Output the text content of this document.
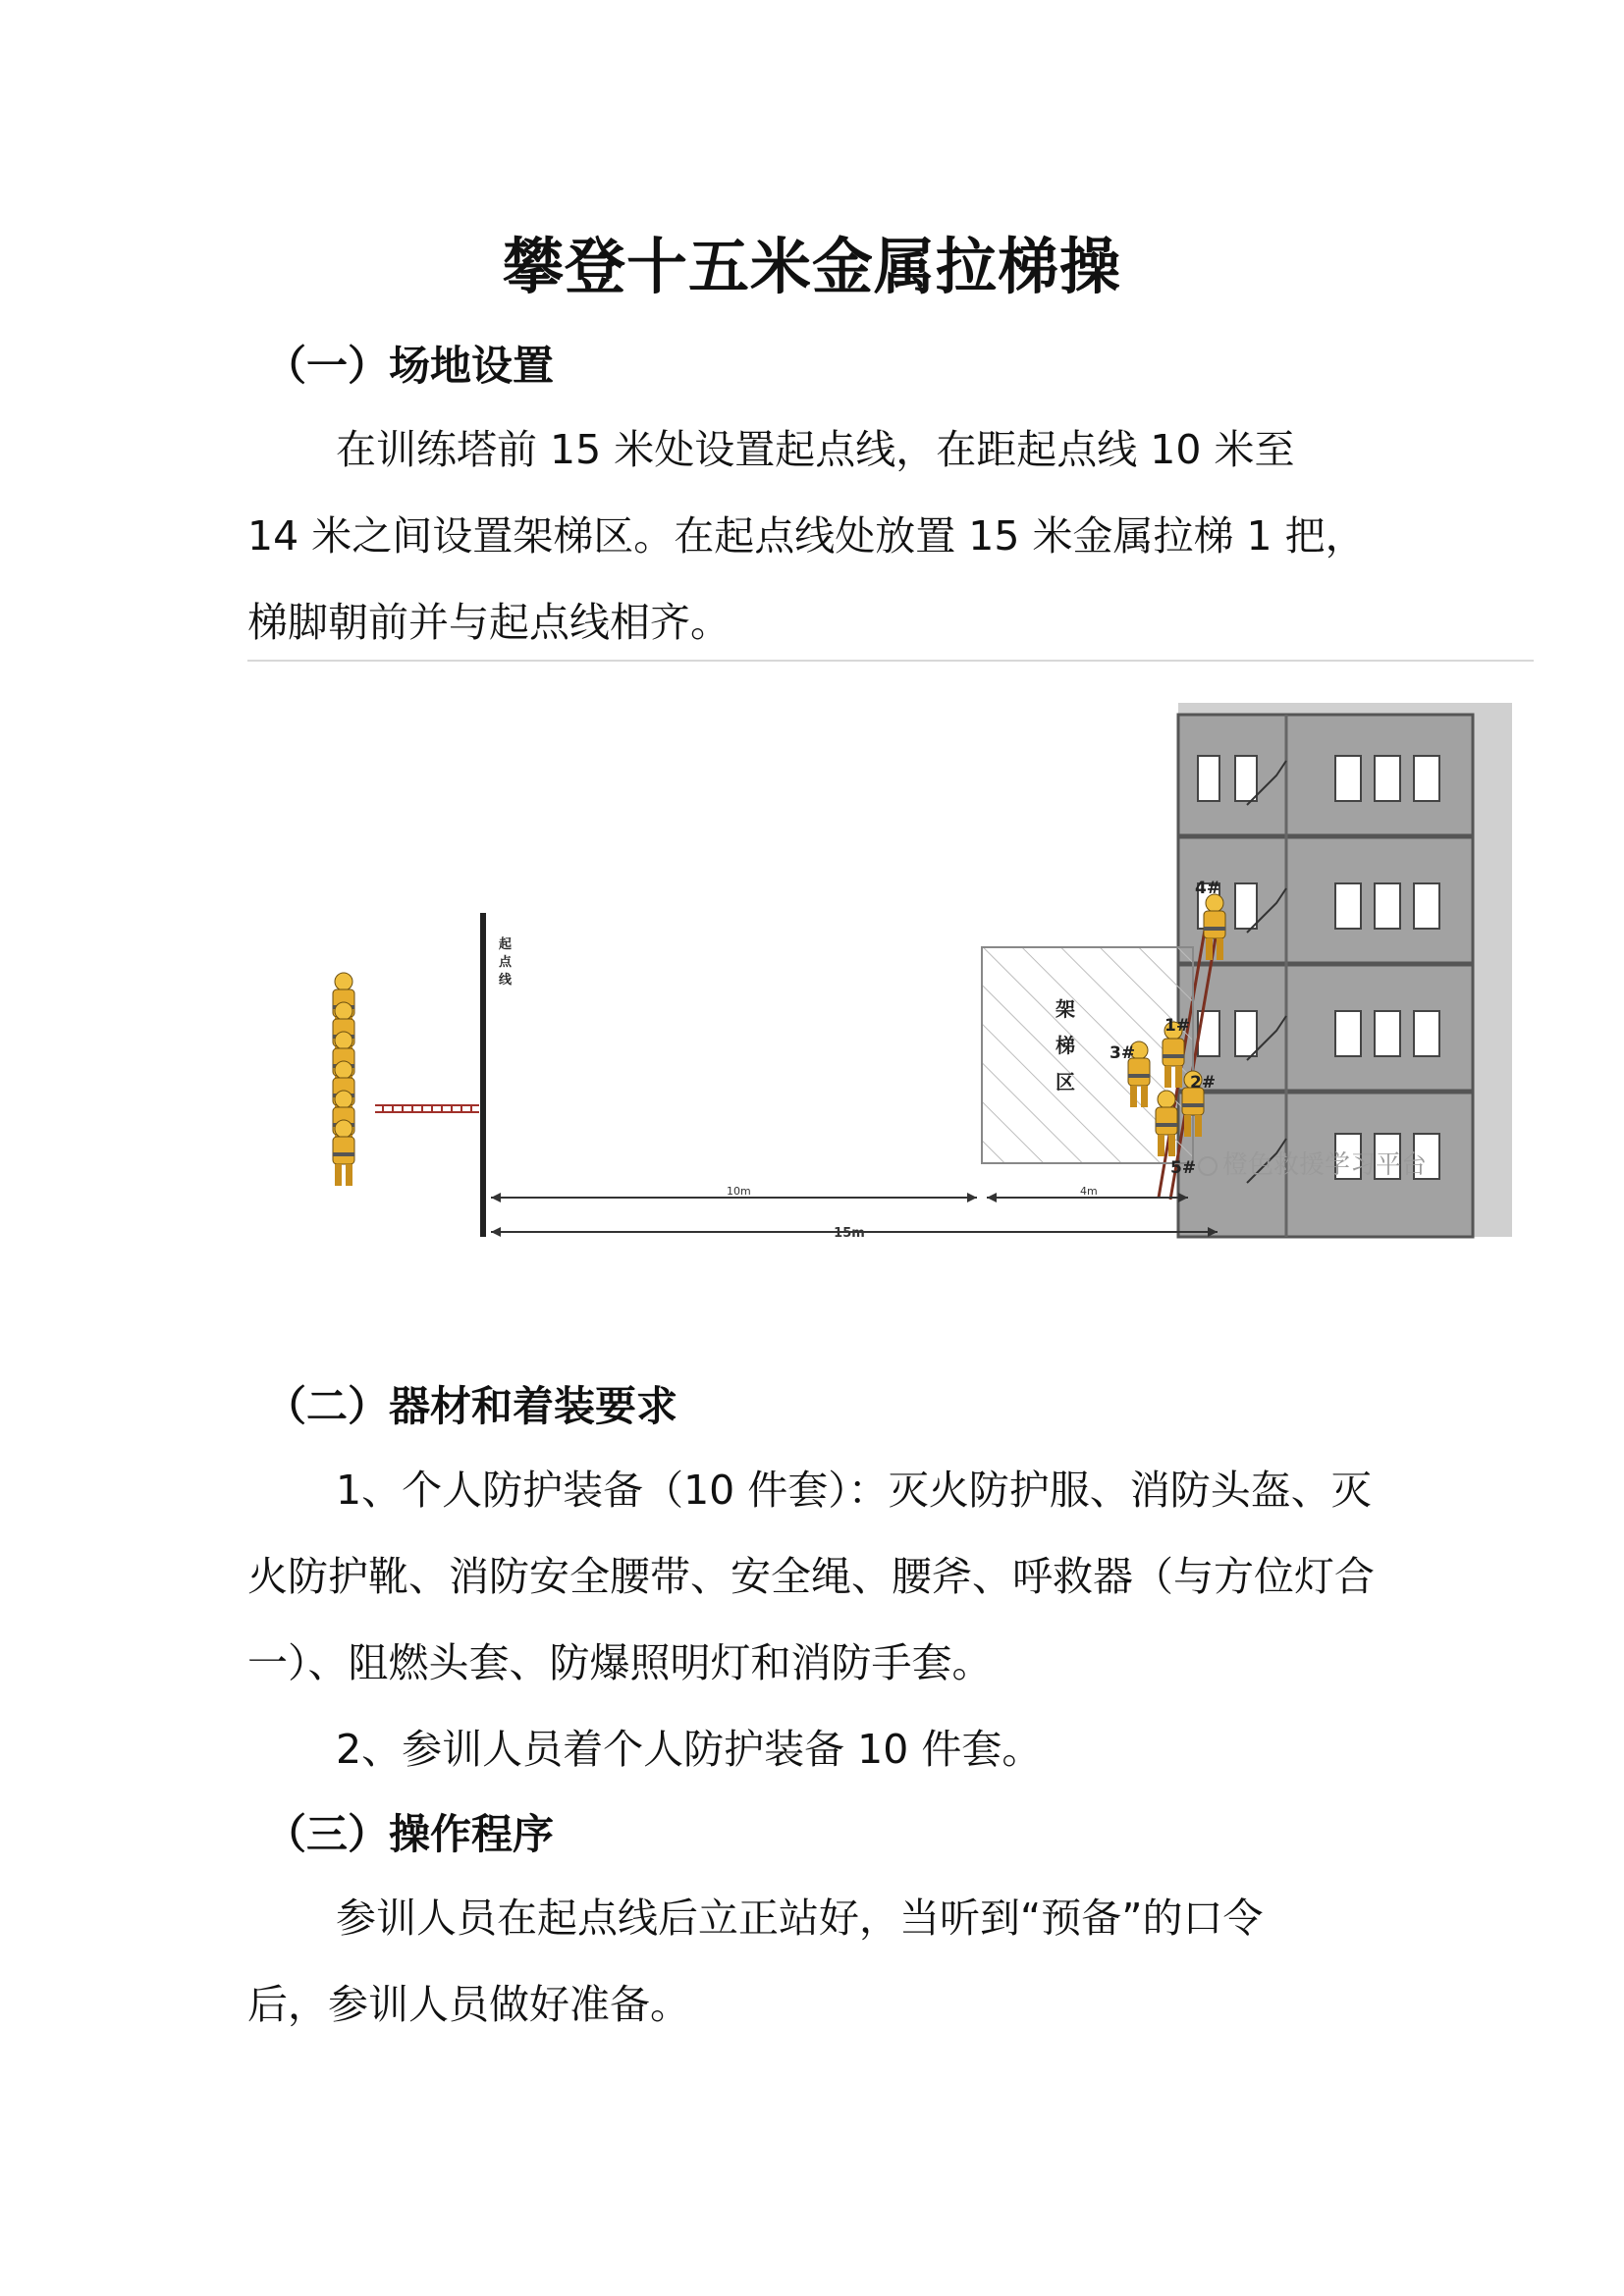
攀登十五米金属拉梯操
（一）场地设置

在训练塔前 15 米处设置起点线，在距起点线 10 米至

14 米之间设置架梯区。在起点线处放置 15 米金属拉梯 1 把，

梯脚朝前并与起点线相齐。

起
点
线
架
梯
区
1#
2#
3#
4#
5#
10m	4m
15m
橙色救援学习平台
（二）器材和着装要求

1、个人防护装备（10 件套）：灭火防护服、消防头盔、灭

火防护靴、消防安全腰带、安全绳、腰斧、呼救器（与方位灯合

一）、阻燃头套、防爆照明灯和消防手套。

2、参训人员着个人防护装备 10 件套。

（三）操作程序

参训人员在起点线后立正站好，当听到“预备”的口令

后，参训人员做好准备。
